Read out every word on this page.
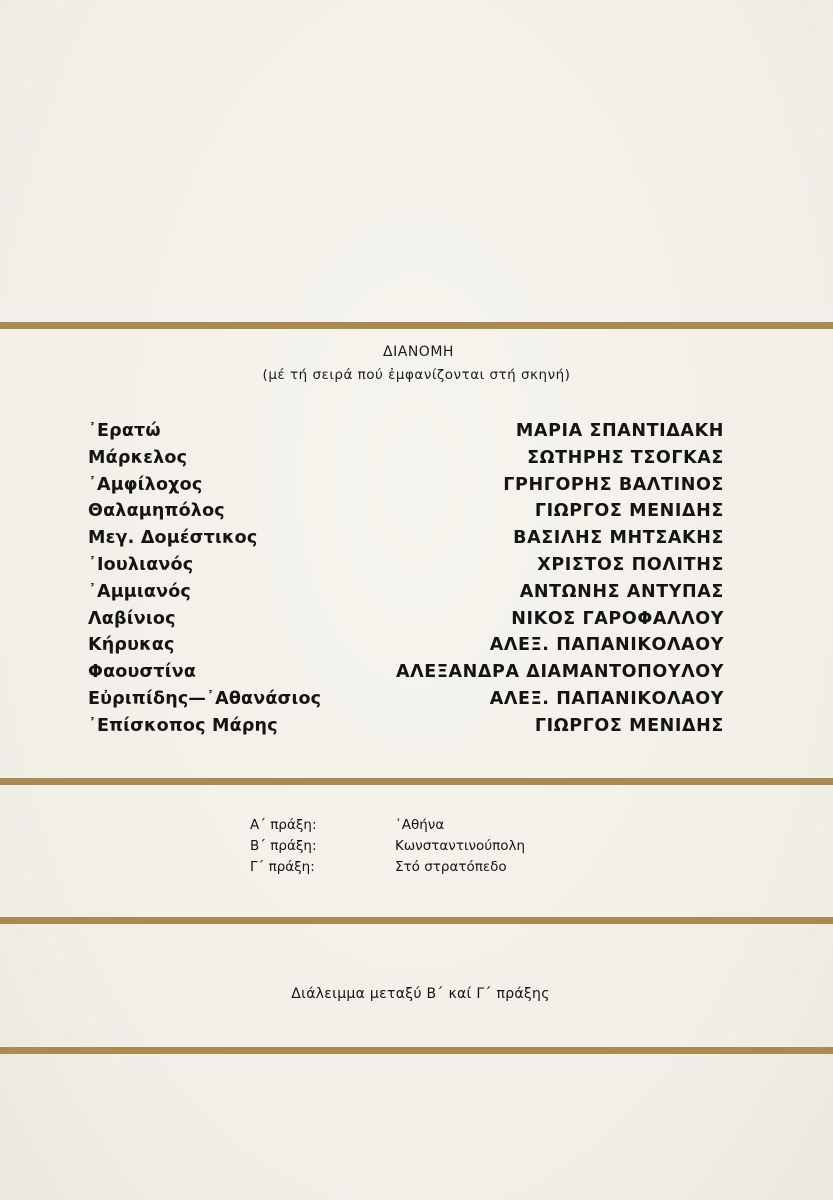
ΔΙΑΝΟΜΗ
(μέ τή σειρά πού ἐμφανίζονται στή σκηνή)
᾿Ερατώ	ΜΑΡΙΑ ΣΠΑΝΤΙΔΑΚΗ
Μάρκελος	ΣΩΤΗΡΗΣ ΤΣΟΓΚΑΣ
᾿Αμφίλοχος	ΓΡΗΓΟΡΗΣ ΒΑΛΤΙΝΟΣ
Θαλαμηπόλος	ΓΙΩΡΓΟΣ ΜΕΝΙΔΗΣ
Μεγ. Δομέστικος	ΒΑΣΙΛΗΣ ΜΗΤΣΑΚΗΣ
᾿Ιουλιανός	ΧΡΙΣΤΟΣ ΠΟΛΙΤΗΣ
᾿Αμμιανός	ΑΝΤΩΝΗΣ ΑΝΤΥΠΑΣ
Λαβίνιος	ΝΙΚΟΣ ΓΑΡΟΦΑΛΛΟΥ
Κήρυκας	ΑΛΕΞ. ΠΑΠΑΝΙΚΟΛΑΟΥ
Φαουστίνα	ΑΛΕΞΑΝΔΡΑ ΔΙΑΜΑΝΤΟΠΟΥΛΟΥ
Εὐριπίδης—᾿Αθανάσιος	ΑΛΕΞ. ΠΑΠΑΝΙΚΟΛΑΟΥ
᾿Επίσκοπος Μάρης	ΓΙΩΡΓΟΣ ΜΕΝΙΔΗΣ
Α΄ πράξη:	᾿Αθήνα
Β΄ πράξη:	Κωνσταντινούπολη
Γ΄ πράξη:	Στό στρατόπεδο
Διάλειμμα μεταξύ Β΄ καί Γ΄ πράξης
